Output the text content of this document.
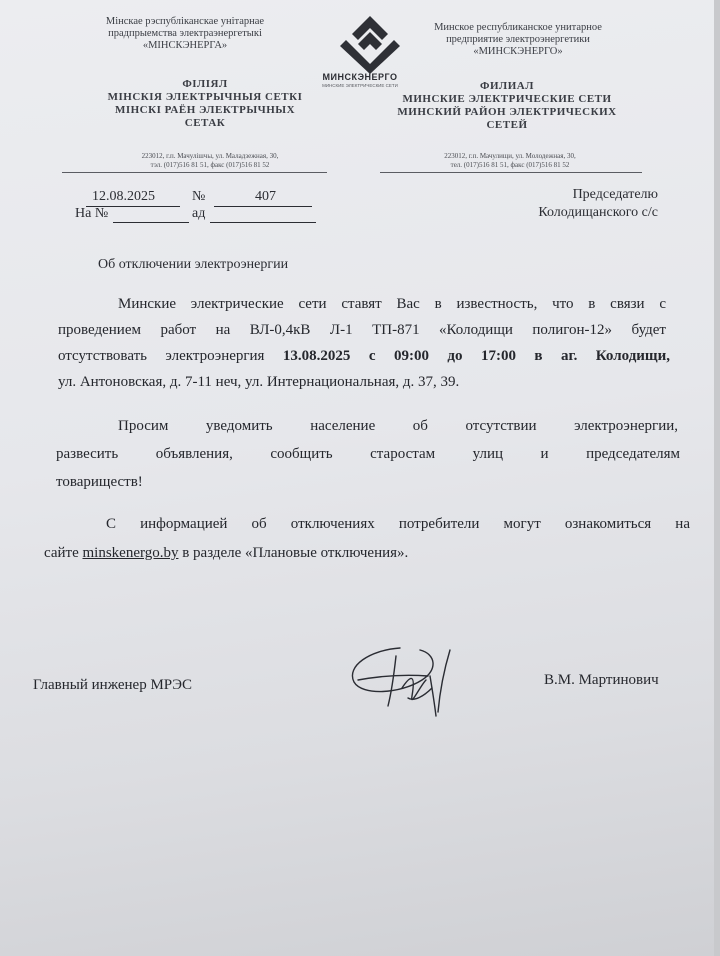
Мінскае рэспубліканскае унітарнае
прадпрыемства электраэнергетыкі
«МІНСКЭНЕРГА»
ФІЛІЯЛ
МІНСКІЯ ЭЛЕКТРЫЧНЫЯ СЕТКІ
МІНСКІ РАЁН ЭЛЕКТРЫЧНЫХ
СЕТАК
223012, г.п. Мачулішчы, ул. Маладзежная, 30,
тэл. (017)516 81 51, факс (017)516 81 52
Минское республиканское унитарное
предприятие электроэнергетики
«МИНСКЭНЕРГО»
ФИЛИАЛ
МИНСКИЕ ЭЛЕКТРИЧЕСКИЕ СЕТИ
МИНСКИЙ РАЙОН ЭЛЕКТРИЧЕСКИХ
СЕТЕЙ
223012, г.п. Мачулищи, ул. Молодежная, 30,
тел. (017)516 81 51, факс (017)516 81 52
МИНСКЭНЕРГО
МИНСКИЕ ЭЛЕКТРИЧЕСКИЕ СЕТИ
12.08.2025	№	407
На №	ад
Председателю
Колодищанского с/с
Об отключении электроэнергии
Минские электрические сети ставят Вас в известность, что в связи с
проведением работ на ВЛ-0,4кВ Л-1 ТП-871 «Колодищи полигон-12» будет
отсутствовать электроэнергия 13.08.2025 с 09:00 до 17:00 в аг. Колодищи,
ул. Антоновская, д. 7-11 неч, ул. Интернациональная, д. 37, 39.
Просим уведомить население об отсутствии электроэнергии,
развесить объявления, сообщить старостам улиц и председателям
товариществ!
С информацией об отключениях потребители могут ознакомиться на
сайте minskenergo.by в разделе «Плановые отключения».
Главный инженер МРЭС	В.М. Мартинович
